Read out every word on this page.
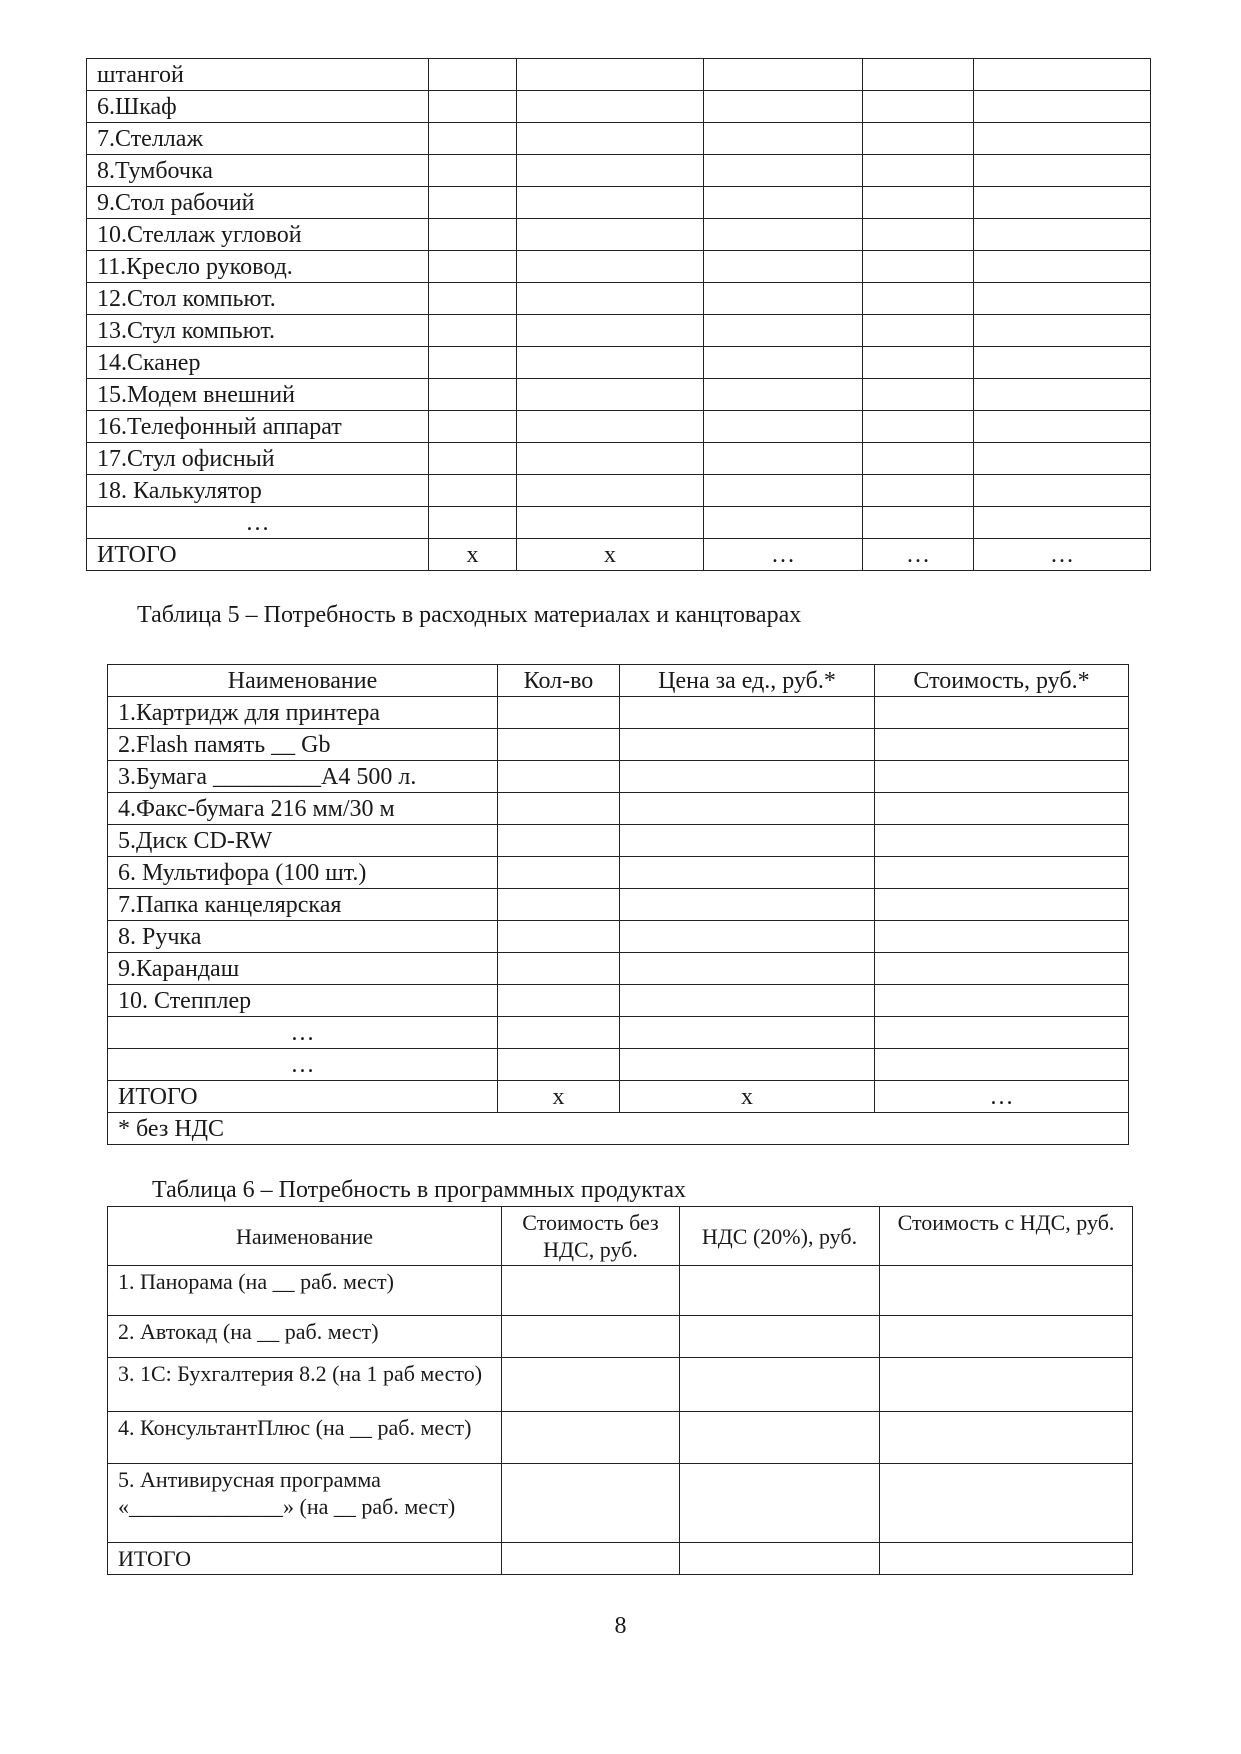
штангой					
6.Шкаф					
7.Стеллаж					
8.Тумбочка					
9.Стол рабочий					
10.Стеллаж угловой					
11.Кресло руковод.					
12.Стол компьют.					
13.Стул компьют.					
14.Сканер					
15.Модем внешний					
16.Телефонный аппарат					
17.Стул офисный					
18. Калькулятор					
…					
ИТОГО	x	x	…	…	…
Таблица 5 – Потребность в расходных материалах и канцтоварах
Наименование	Кол-во	Цена за ед., руб.*	Стоимость, руб.*
1.Картридж для принтера			
2.Flash память __ Gb			
3.Бумага _________А4 500 л.			
4.Факс-бумага 216 мм/30 м			
5.Диск CD-RW			
6. Мультифора (100 шт.)			
7.Папка канцелярская			
8. Ручка			
9.Карандаш			
10. Степплер			
…			
…			
ИТОГО	x	x	…
* без НДС			
Таблица 6 – Потребность в программных продуктах
Наименование	Стоимость без НДС, руб.	НДС (20%), руб.	Стоимость с НДС, руб.
1. Панорама (на __ раб. мест)			
2. Автокад (на __ раб. мест)			
3. 1С: Бухгалтерия 8.2 (на 1 раб место)			
4. КонсультантПлюс (на __ раб. мест)			
5. Антивирусная программа «______________» (на __ раб. мест)			
ИТОГО			
8
